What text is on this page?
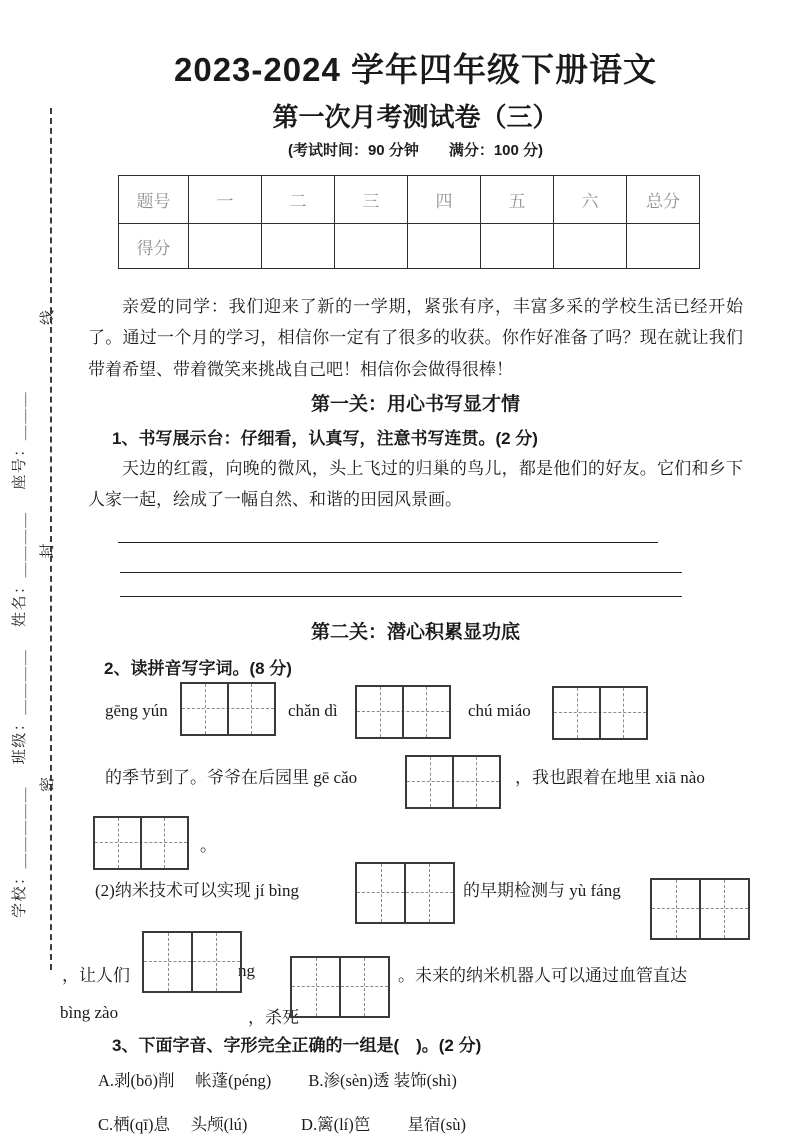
学校：＿＿＿＿＿　 班级：＿＿＿＿　 姓名：＿＿＿＿　 座号：＿＿＿ 密
封
线
2023-2024 学年四年级下册语文
第一次月考测试卷（三）
(考试时间：90 分钟　　满分：100 分)
题号	一	二	三	四	五	六	总分
得分							
亲爱的同学：我们迎来了新的一学期，紧张有序，丰富多采的学校生活已经开始了。通过一个月的学习，相信你一定有了很多的收获。你作好准备了吗？现在就让我们带着希望、带着微笑来挑战自己吧！相信你会做得很棒！
第一关：用心书写显才情
1、书写展示台：仔细看，认真写，注意书写连贯。(2 分)
天边的红霞，向晚的微风，头上飞过的归巢的鸟儿，都是他们的好友。它们和乡下人家一起，绘成了一幅自然、和谐的田园风景画。
第二关：潜心积累显功底
2、读拼音写字词。(8 分)
gēng yún	chǎn dì	chú miáo
的季节到了。爷爷在后园里 gē cǎo	，我也跟着在地里 xiā nào
。
(2)纳米技术可以实现 jí bìng	的早期检测与 yù fáng
，让人们	ng	。未来的纳米机器人可以通过血管直达
bìng zào	，杀死
3、下面字音、字形完全正确的一组是(　)。(2 分)
A.剥(bō)削　 帐蓬(péng)　　 B.渗(sèn)透 装饰(shì)
C.栖(qī)息　 头颅(lú)　　　 D.篱(lí)笆　　 星宿(sù)
